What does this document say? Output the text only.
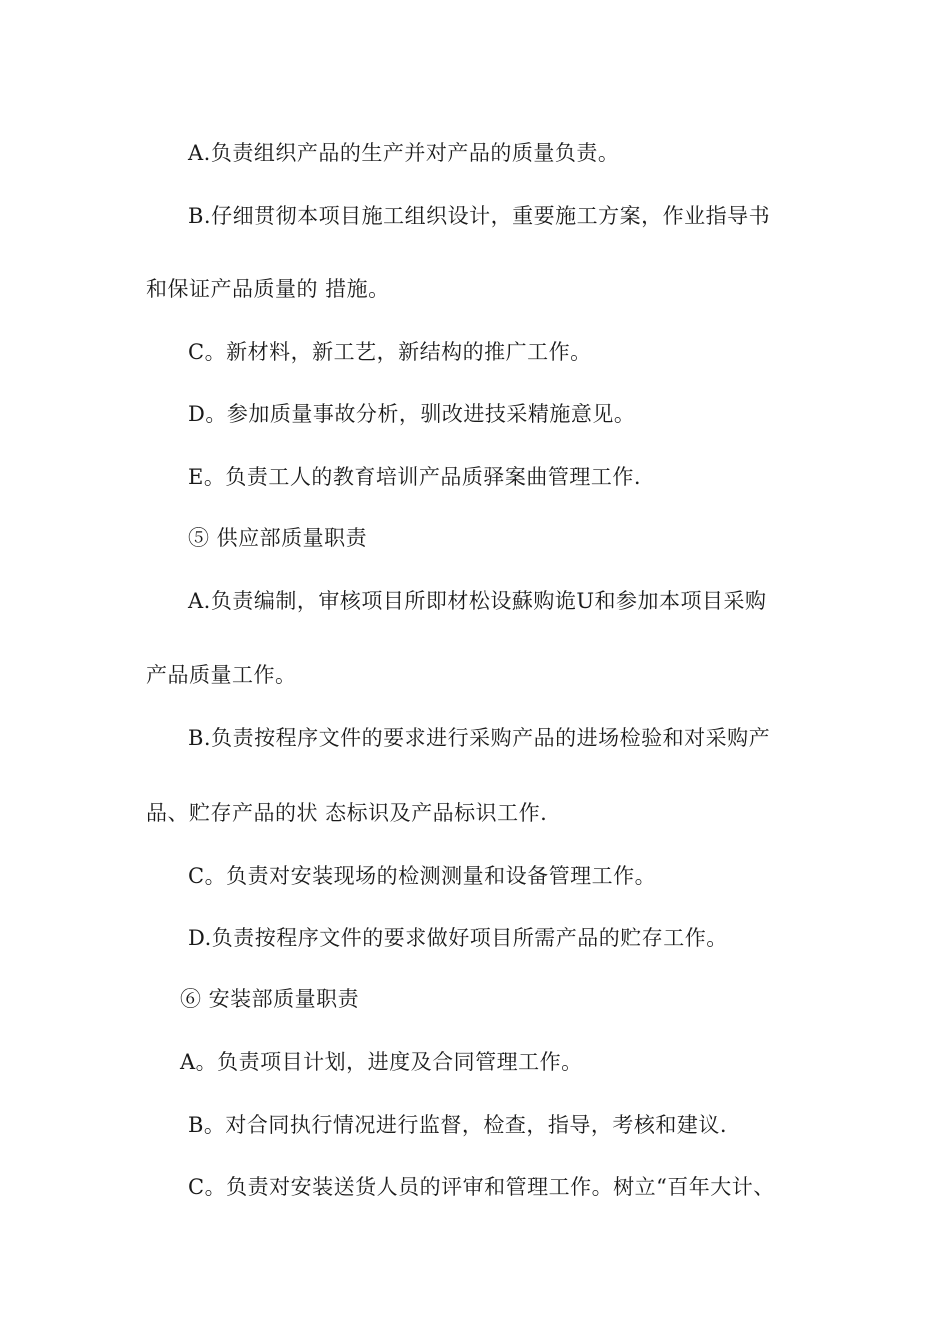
A.负责组织产品的生产并对产品的质量负责。
B.仔细贯彻本项目施工组织设计，重要施工方案，作业指导书
和保证产品质量的 措施。
C。新材料，新工艺，新结构的推广工作。
D。参加质量事故分析，驯改进技采精施意见。
E。负责工人的教育培训产品质驿案曲管理工作.
⑤ 供应部质量职责
A.负责编制，审核项目所即材松设蘇购诡U和参加本项目采购
产品质量工作。
B.负责按程序文件的要求进行采购产品的进场检验和对采购产
品、贮存产品的状 态标识及产品标识工作.
C。负责对安装现场的检测测量和设备管理工作。
D.负责按程序文件的要求做好项目所需产品的贮存工作。
⑥ 安装部质量职责
A。负责项目计划，进度及合同管理工作。
B。对合同执行情况进行监督，检查，指导，考核和建议.
C。负责对安装送货人员的评审和管理工作。树立“百年大计、
